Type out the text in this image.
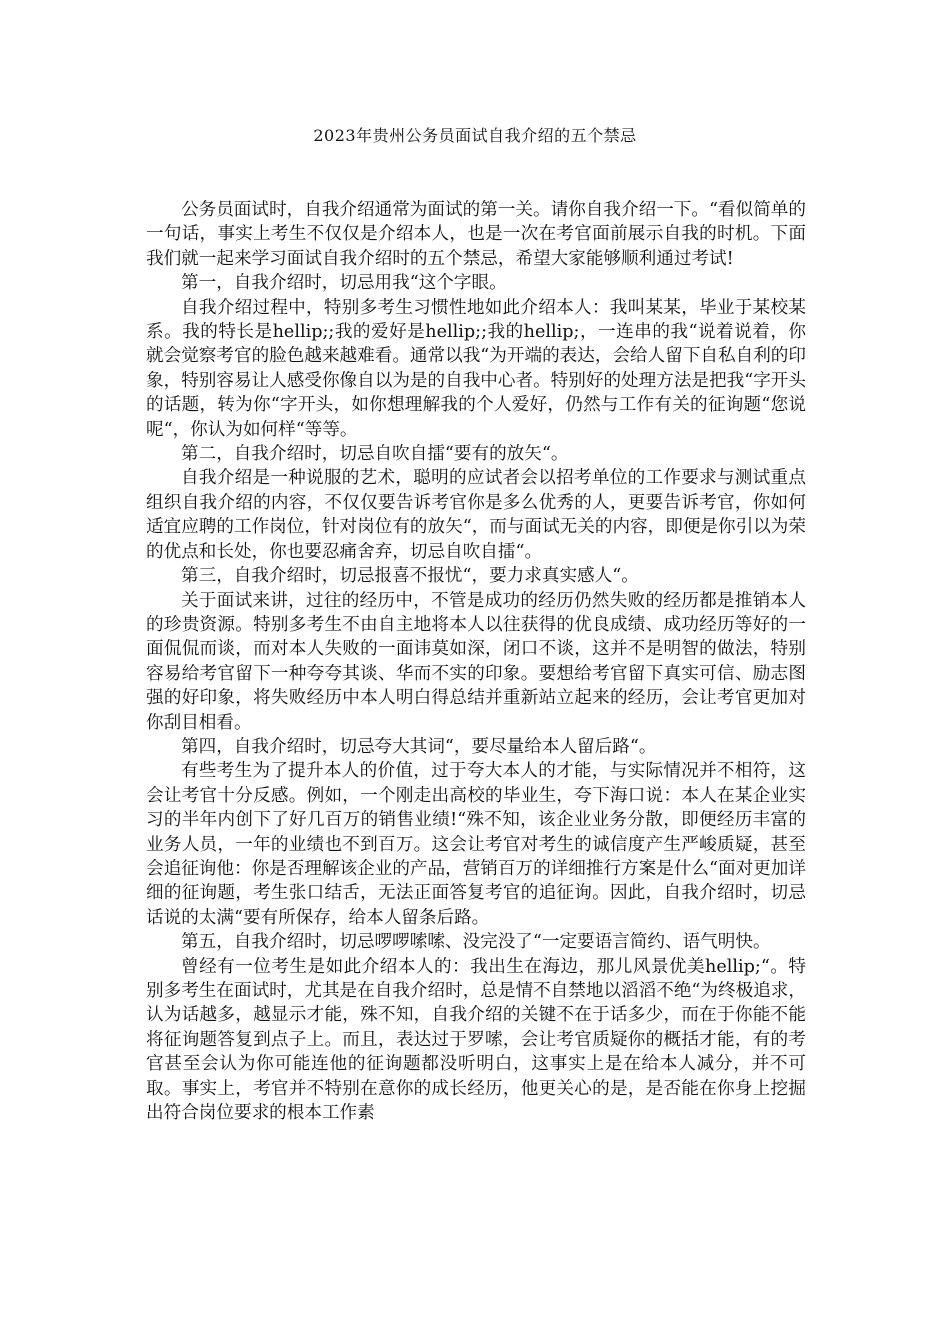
2023年贵州公务员面试自我介绍的五个禁忌

公务员面试时，自我介绍通常为面试的第一关。请你自我介绍一下。“看似简单的一句话，事实上考生不仅仅是介绍本人，也是一次在考官面前展示自我的时机。下面我们就一起来学习面试自我介绍时的五个禁忌，希望大家能够顺利通过考试!

第一，自我介绍时，切忌用我“这个字眼。

自我介绍过程中，特别多考生习惯性地如此介绍本人：我叫某某，毕业于某校某系。我的特长是hellip;;我的爱好是hellip;;我的hellip;，一连串的我“说着说着，你就会觉察考官的脸色越来越难看。通常以我“为开端的表达，会给人留下自私自利的印象，特别容易让人感受你像自以为是的自我中心者。特别好的处理方法是把我“字开头的话题，转为你“字开头，如你想理解我的个人爱好，仍然与工作有关的征询题“您说呢“，你认为如何样“等等。

第二，自我介绍时，切忌自吹自擂“要有的放矢“。

自我介绍是一种说服的艺术，聪明的应试者会以招考单位的工作要求与测试重点组织自我介绍的内容，不仅仅要告诉考官你是多么优秀的人，更要告诉考官，你如何适宜应聘的工作岗位，针对岗位有的放矢“，而与面试无关的内容，即便是你引以为荣的优点和长处，你也要忍痛舍弃，切忌自吹自擂“。

第三，自我介绍时，切忌报喜不报忧“，要力求真实感人“。

关于面试来讲，过往的经历中，不管是成功的经历仍然失败的经历都是推销本人的珍贵资源。特别多考生不由自主地将本人以往获得的优良成绩、成功经历等好的一面侃侃而谈，而对本人失败的一面讳莫如深，闭口不谈，这并不是明智的做法，特别容易给考官留下一种夸夸其谈、华而不实的印象。要想给考官留下真实可信、励志图强的好印象，将失败经历中本人明白得总结并重新站立起来的经历，会让考官更加对你刮目相看。

第四，自我介绍时，切忌夸大其词“，要尽量给本人留后路“。

有些考生为了提升本人的价值，过于夸大本人的才能，与实际情况并不相符，这会让考官十分反感。例如，一个刚走出高校的毕业生，夸下海口说：本人在某企业实习的半年内创下了好几百万的销售业绩!“殊不知，该企业业务分散，即便经历丰富的业务人员，一年的业绩也不到百万。这会让考官对考生的诚信度产生严峻质疑，甚至会追征询他：你是否理解该企业的产品，营销百万的详细推行方案是什么“面对更加详细的征询题，考生张口结舌，无法正面答复考官的追征询。因此，自我介绍时，切忌话说的太满“要有所保存，给本人留条后路。

第五，自我介绍时，切忌啰啰嗦嗦、没完没了“一定要语言简约、语气明快。

曾经有一位考生是如此介绍本人的：我出生在海边，那儿风景优美hellip;“。特别多考生在面试时，尤其是在自我介绍时，总是情不自禁地以滔滔不绝“为终极追求，认为话越多，越显示才能，殊不知，自我介绍的关键不在于话多少，而在于你能不能将征询题答复到点子上。而且，表达过于罗嗦，会让考官质疑你的概括才能，有的考官甚至会认为你可能连他的征询题都没听明白，这事实上是在给本人减分，并不可取。事实上，考官并不特别在意你的成长经历，他更关心的是，是否能在你身上挖掘出符合岗位要求的根本工作素
